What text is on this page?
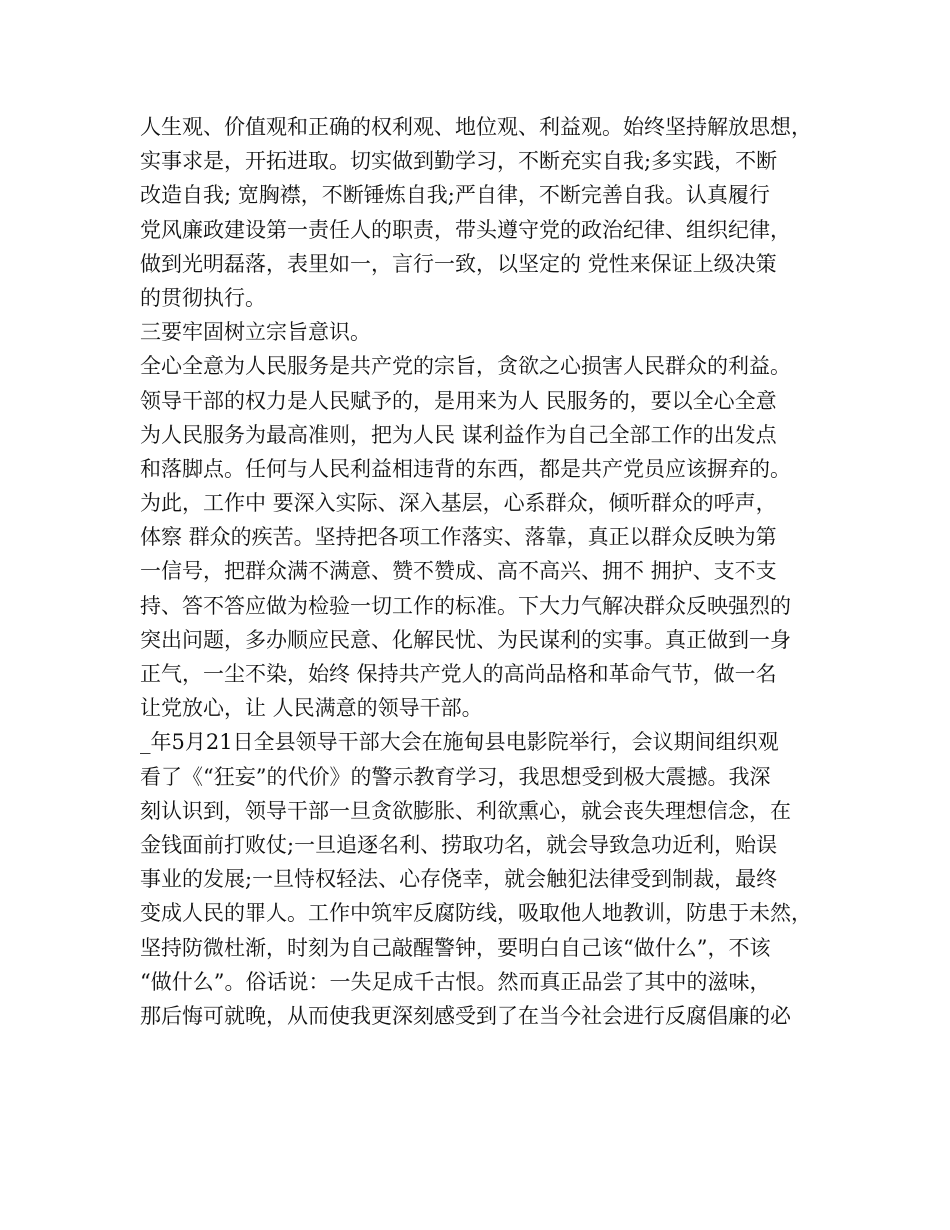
人生观、价值观和正确的权利观、地位观、利益观。始终坚持解放思想，
实事求是，开拓进取。切实做到勤学习，不断充实自我;多实践，不断
改造自我; 宽胸襟，不断锤炼自我;严自律，不断完善自我。认真履行
党风廉政建设第一责任人的职责，带头遵守党的政治纪律、组织纪律，
做到光明磊落，表里如一，言行一致，以坚定的 党性来保证上级决策
的贯彻执行。
三要牢固树立宗旨意识。
全心全意为人民服务是共产党的宗旨，贪欲之心损害人民群众的利益。
领导干部的权力是人民赋予的，是用来为人 民服务的，要以全心全意
为人民服务为最高准则，把为人民 谋利益作为自己全部工作的出发点
和落脚点。任何与人民利益相违背的东西，都是共产党员应该摒弃的。
为此，工作中 要深入实际、深入基层，心系群众，倾听群众的呼声，
体察 群众的疾苦。坚持把各项工作落实、落靠，真正以群众反映为第
一信号，把群众满不满意、赞不赞成、高不高兴、拥不 拥护、支不支
持、答不答应做为检验一切工作的标准。下大力气解决群众反映强烈的
突出问题，多办顺应民意、化解民忧、为民谋利的实事。真正做到一身
正气，一尘不染，始终 保持共产党人的高尚品格和革命气节，做一名
让党放心，让 人民满意的领导干部。
_年5月21日全县领导干部大会在施甸县电影院举行，会议期间组织观
看了《“狂妄”的代价》的警示教育学习，我思想受到极大震撼。我深
刻认识到，领导干部一旦贪欲膨胀、利欲熏心，就会丧失理想信念，在
金钱面前打败仗;一旦追逐名利、捞取功名，就会导致急功近利，贻误
事业的发展;一旦恃权轻法、心存侥幸，就会触犯法律受到制裁，最终
变成人民的罪人。工作中筑牢反腐防线，吸取他人地教训，防患于未然，
坚持防微杜渐，时刻为自己敲醒警钟，要明白自己该“做什么”，不该
“做什么”。俗话说：一失足成千古恨。然而真正品尝了其中的滋味，
那后悔可就晚，从而使我更深刻感受到了在当今社会进行反腐倡廉的必
